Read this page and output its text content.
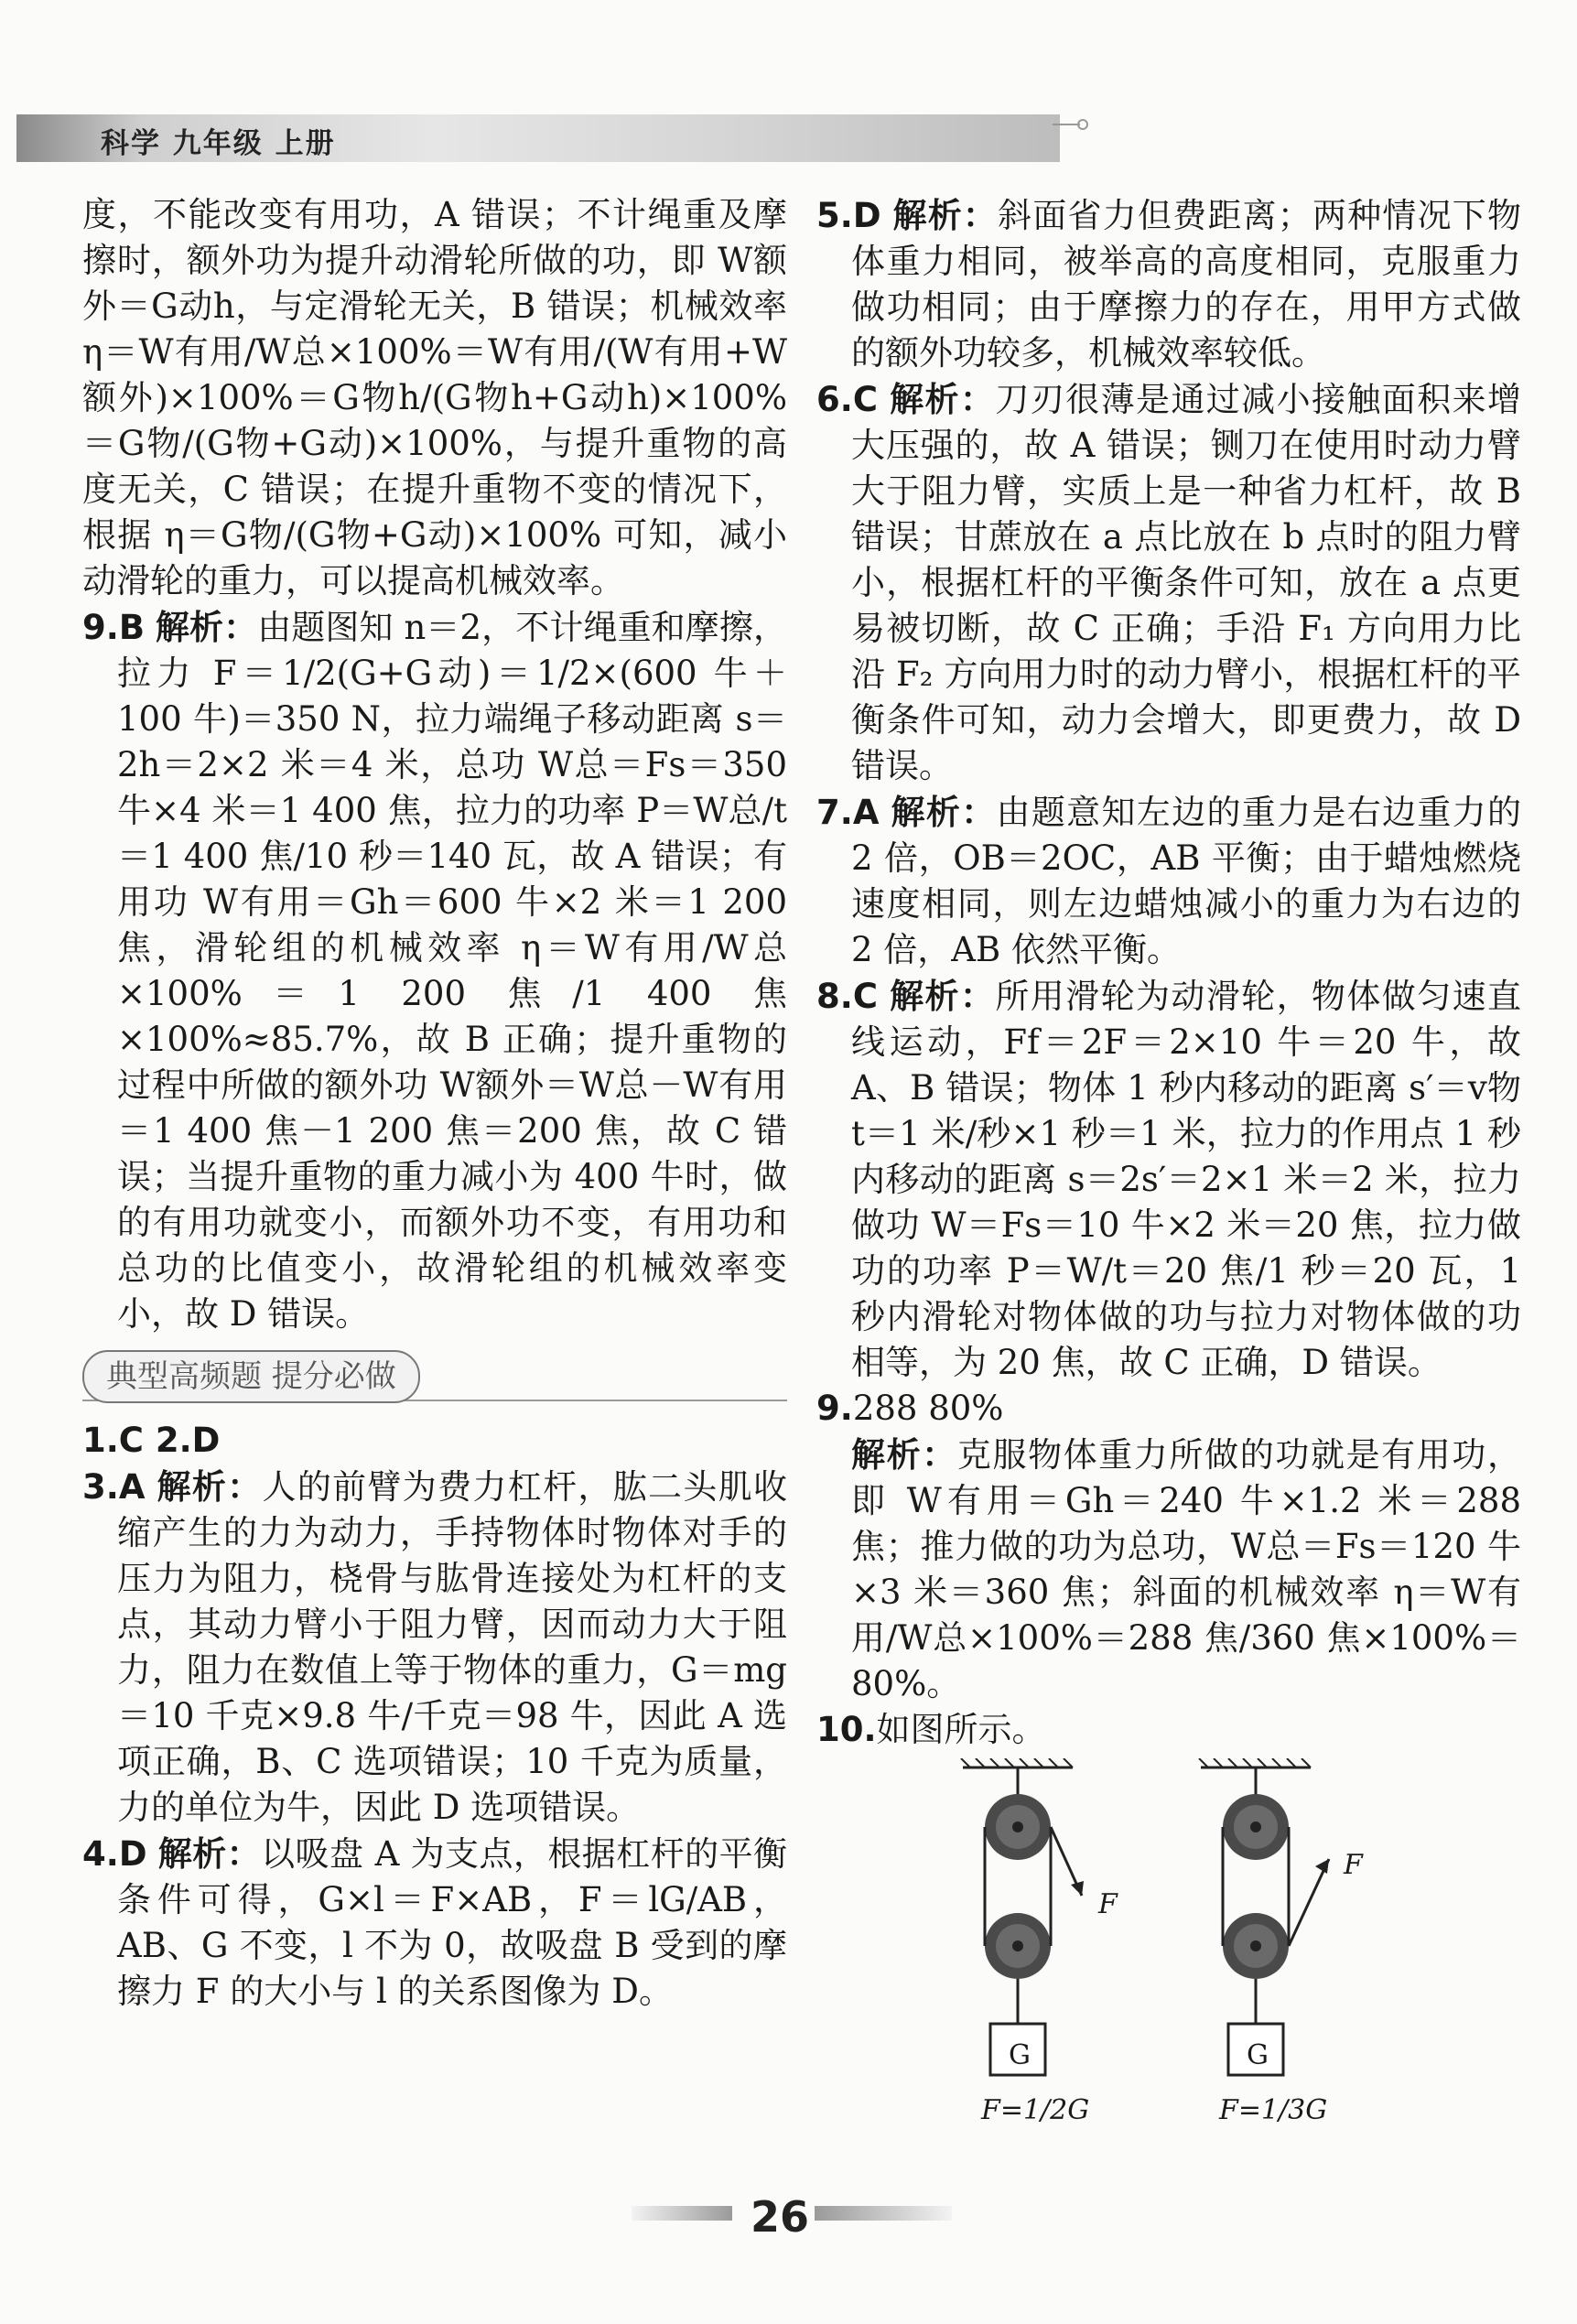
科学 九年级 上册

度，不能改变有用功，A 错误；不计绳重及摩擦时，额外功为提升动滑轮所做的功，即 W额外＝G动h，与定滑轮无关，B 错误；机械效率 η＝W有用/W总×100%＝W有用/(W有用+W额外)×100%＝G物h/(G物h+G动h)×100%＝G物/(G物+G动)×100%，与提升重物的高度无关，C 错误；在提升重物不变的情况下，根据 η＝G物/(G物+G动)×100% 可知，减小动滑轮的重力，可以提高机械效率。

9.B 解析：由题图知 n＝2，不计绳重和摩擦，拉力 F＝1/2(G+G动)＝1/2×(600 牛＋100 牛)＝350 N，拉力端绳子移动距离 s＝2h＝2×2 米＝4 米，总功 W总＝Fs＝350 牛×4 米＝1 400 焦，拉力的功率 P＝W总/t＝1 400 焦/10 秒＝140 瓦，故 A 错误；有用功 W有用＝Gh＝600 牛×2 米＝1 200 焦，滑轮组的机械效率 η＝W有用/W总×100%＝1 200 焦/1 400 焦×100%≈85.7%，故 B 正确；提升重物的过程中所做的额外功 W额外＝W总－W有用＝1 400 焦－1 200 焦＝200 焦，故 C 错误；当提升重物的重力减小为 400 牛时，做的有用功就变小，而额外功不变，有用功和总功的比值变小，故滑轮组的机械效率变小，故 D 错误。

典型高频题 提分必做

1.C 2.D

3.A 解析：人的前臂为费力杠杆，肱二头肌收缩产生的力为动力，手持物体时物体对手的压力为阻力，桡骨与肱骨连接处为杠杆的支点，其动力臂小于阻力臂，因而动力大于阻力，阻力在数值上等于物体的重力，G＝mg＝10 千克×9.8 牛/千克＝98 牛，因此 A 选项正确，B、C 选项错误；10 千克为质量，力的单位为牛，因此 D 选项错误。

4.D 解析：以吸盘 A 为支点，根据杠杆的平衡条件可得，G×l＝F×AB，F＝lG/AB，AB、G 不变，l 不为 0，故吸盘 B 受到的摩擦力 F 的大小与 l 的关系图像为 D。

5.D 解析：斜面省力但费距离；两种情况下物体重力相同，被举高的高度相同，克服重力做功相同；由于摩擦力的存在，用甲方式做的额外功较多，机械效率较低。

6.C 解析：刀刃很薄是通过减小接触面积来增大压强的，故 A 错误；铡刀在使用时动力臂大于阻力臂，实质上是一种省力杠杆，故 B 错误；甘蔗放在 a 点比放在 b 点时的阻力臂小，根据杠杆的平衡条件可知，放在 a 点更易被切断，故 C 正确；手沿 F₁ 方向用力比沿 F₂ 方向用力时的动力臂小，根据杠杆的平衡条件可知，动力会增大，即更费力，故 D 错误。

7.A 解析：由题意知左边的重力是右边重力的 2 倍，OB＝2OC，AB 平衡；由于蜡烛燃烧速度相同，则左边蜡烛减小的重力为右边的 2 倍，AB 依然平衡。

8.C 解析：所用滑轮为动滑轮，物体做匀速直线运动，Ff＝2F＝2×10 牛＝20 牛，故 A、B 错误；物体 1 秒内移动的距离 s′＝v物t＝1 米/秒×1 秒＝1 米，拉力的作用点 1 秒内移动的距离 s＝2s′＝2×1 米＝2 米，拉力做功 W＝Fs＝10 牛×2 米＝20 焦，拉力做功的功率 P＝W/t＝20 焦/1 秒＝20 瓦，1 秒内滑轮对物体做的功与拉力对物体做的功相等，为 20 焦，故 C 正确，D 错误。

9.288 80%
解析：克服物体重力所做的功就是有用功，即 W有用＝Gh＝240 牛×1.2 米＝288 焦；推力做的功为总功，W总＝Fs＝120 牛×3 米＝360 焦；斜面的机械效率 η＝W有用/W总×100%＝288 焦/360 焦×100%＝80%。

10.如图所示。

F
F
G	G
F=1/2G	F=1/3G
26
